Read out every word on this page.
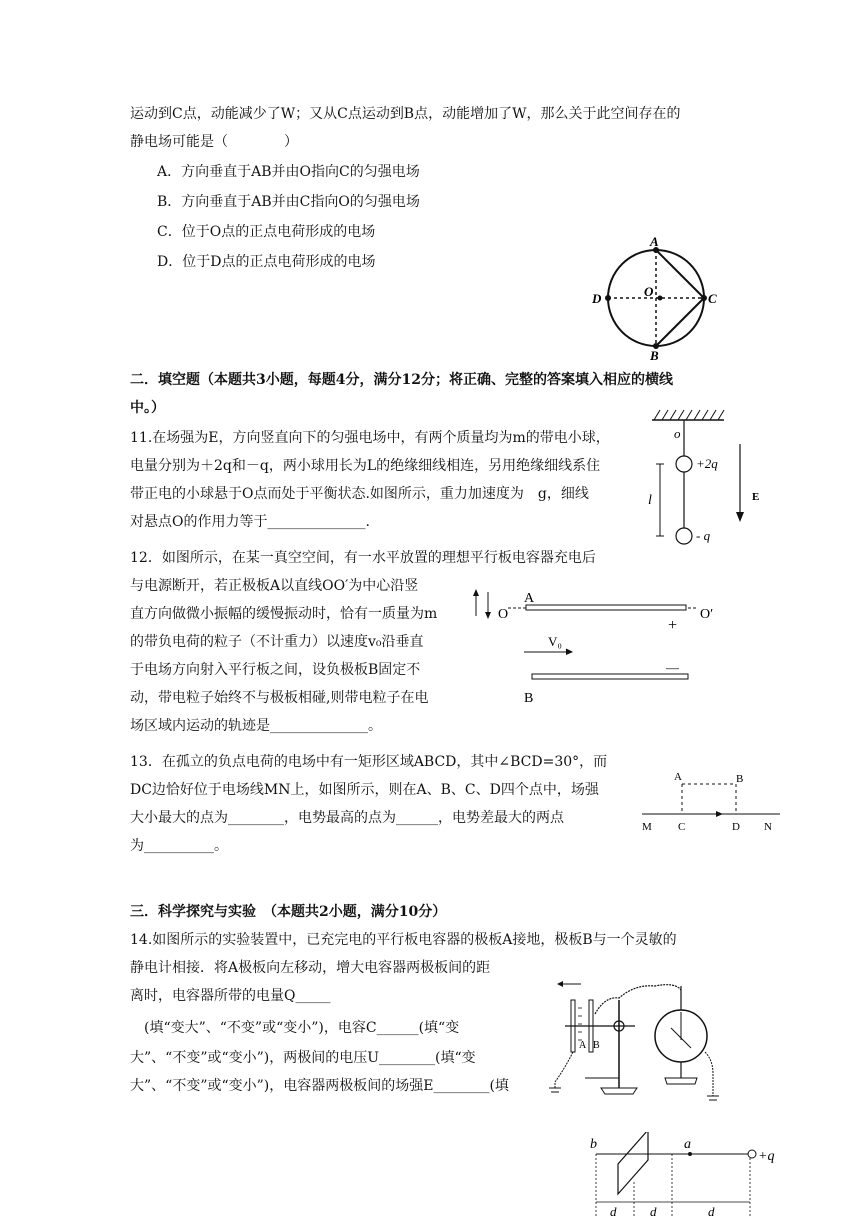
运动到C点，动能减少了W；又从C点运动到B点，动能增加了W，那么关于此空间存在的
静电场可能是（　　　　）
A．方向垂直于AB并由O指向C的匀强电场
B．方向垂直于AB并由C指向O的匀强电场
C．位于O点的正点电荷形成的电场
D．位于D点的正点电荷形成的电场
A
B
D	C
O
二．填空题（本题共3小题，每题4分，满分12分；将正确、完整的答案填入相应的横线
中。）
11.在场强为E，方向竖直向下的匀强电场中，有两个质量均为m的带电小球，
电量分别为＋2q和－q，两小球用长为L的绝缘细线相连，另用绝缘细线系住
带正电的小球悬于O点而处于平衡状态.如图所示，重力加速度为　g，细线
对悬点O的作用力等于______________.
o
+2q
l
- q
E
12．如图所示，在某一真空空间，有一水平放置的理想平行板电容器充电后
与电源断开，若正极板A以直线OO′为中心沿竖
直方向做微小振幅的缓慢振动时，恰有一质量为m
的带负电荷的粒子（不计重力）以速度v₀沿垂直
于电场方向射入平行板之间，设负极板B固定不
动，带电粒子始终不与极板相碰,则带电粒子在电
场区域内运动的轨迹是______________。
O
A
O′
+
V₀
—
B
13．在孤立的负点电荷的电场中有一矩形区域ABCD，其中∠BCD=30°，而
DC边恰好位于电场线MN上，如图所示，则在A、B、C、D四个点中，场强
大小最大的点为________，电势最高的点为______，电势差最大的两点
为__________。
A	B
M C	D N
三．科学探究与实验　（本题共2小题，满分10分）
14.如图所示的实验装置中，已充完电的平行板电容器的极板A接地，极板B与一个灵敏的
静电计相接．将A极板向左移动，增大电容器两极板间的距
离时，电容器所带的电量Q_____
　(填“变大”、“不变”或“变小”)，电容C______(填“变
大”、“不变”或“变小”)，两极间的电压U________(填“变
大”、“不变”或“变小”)，电容器两极板间的场强E________(填
A B
b	a
+q
d	d	d
